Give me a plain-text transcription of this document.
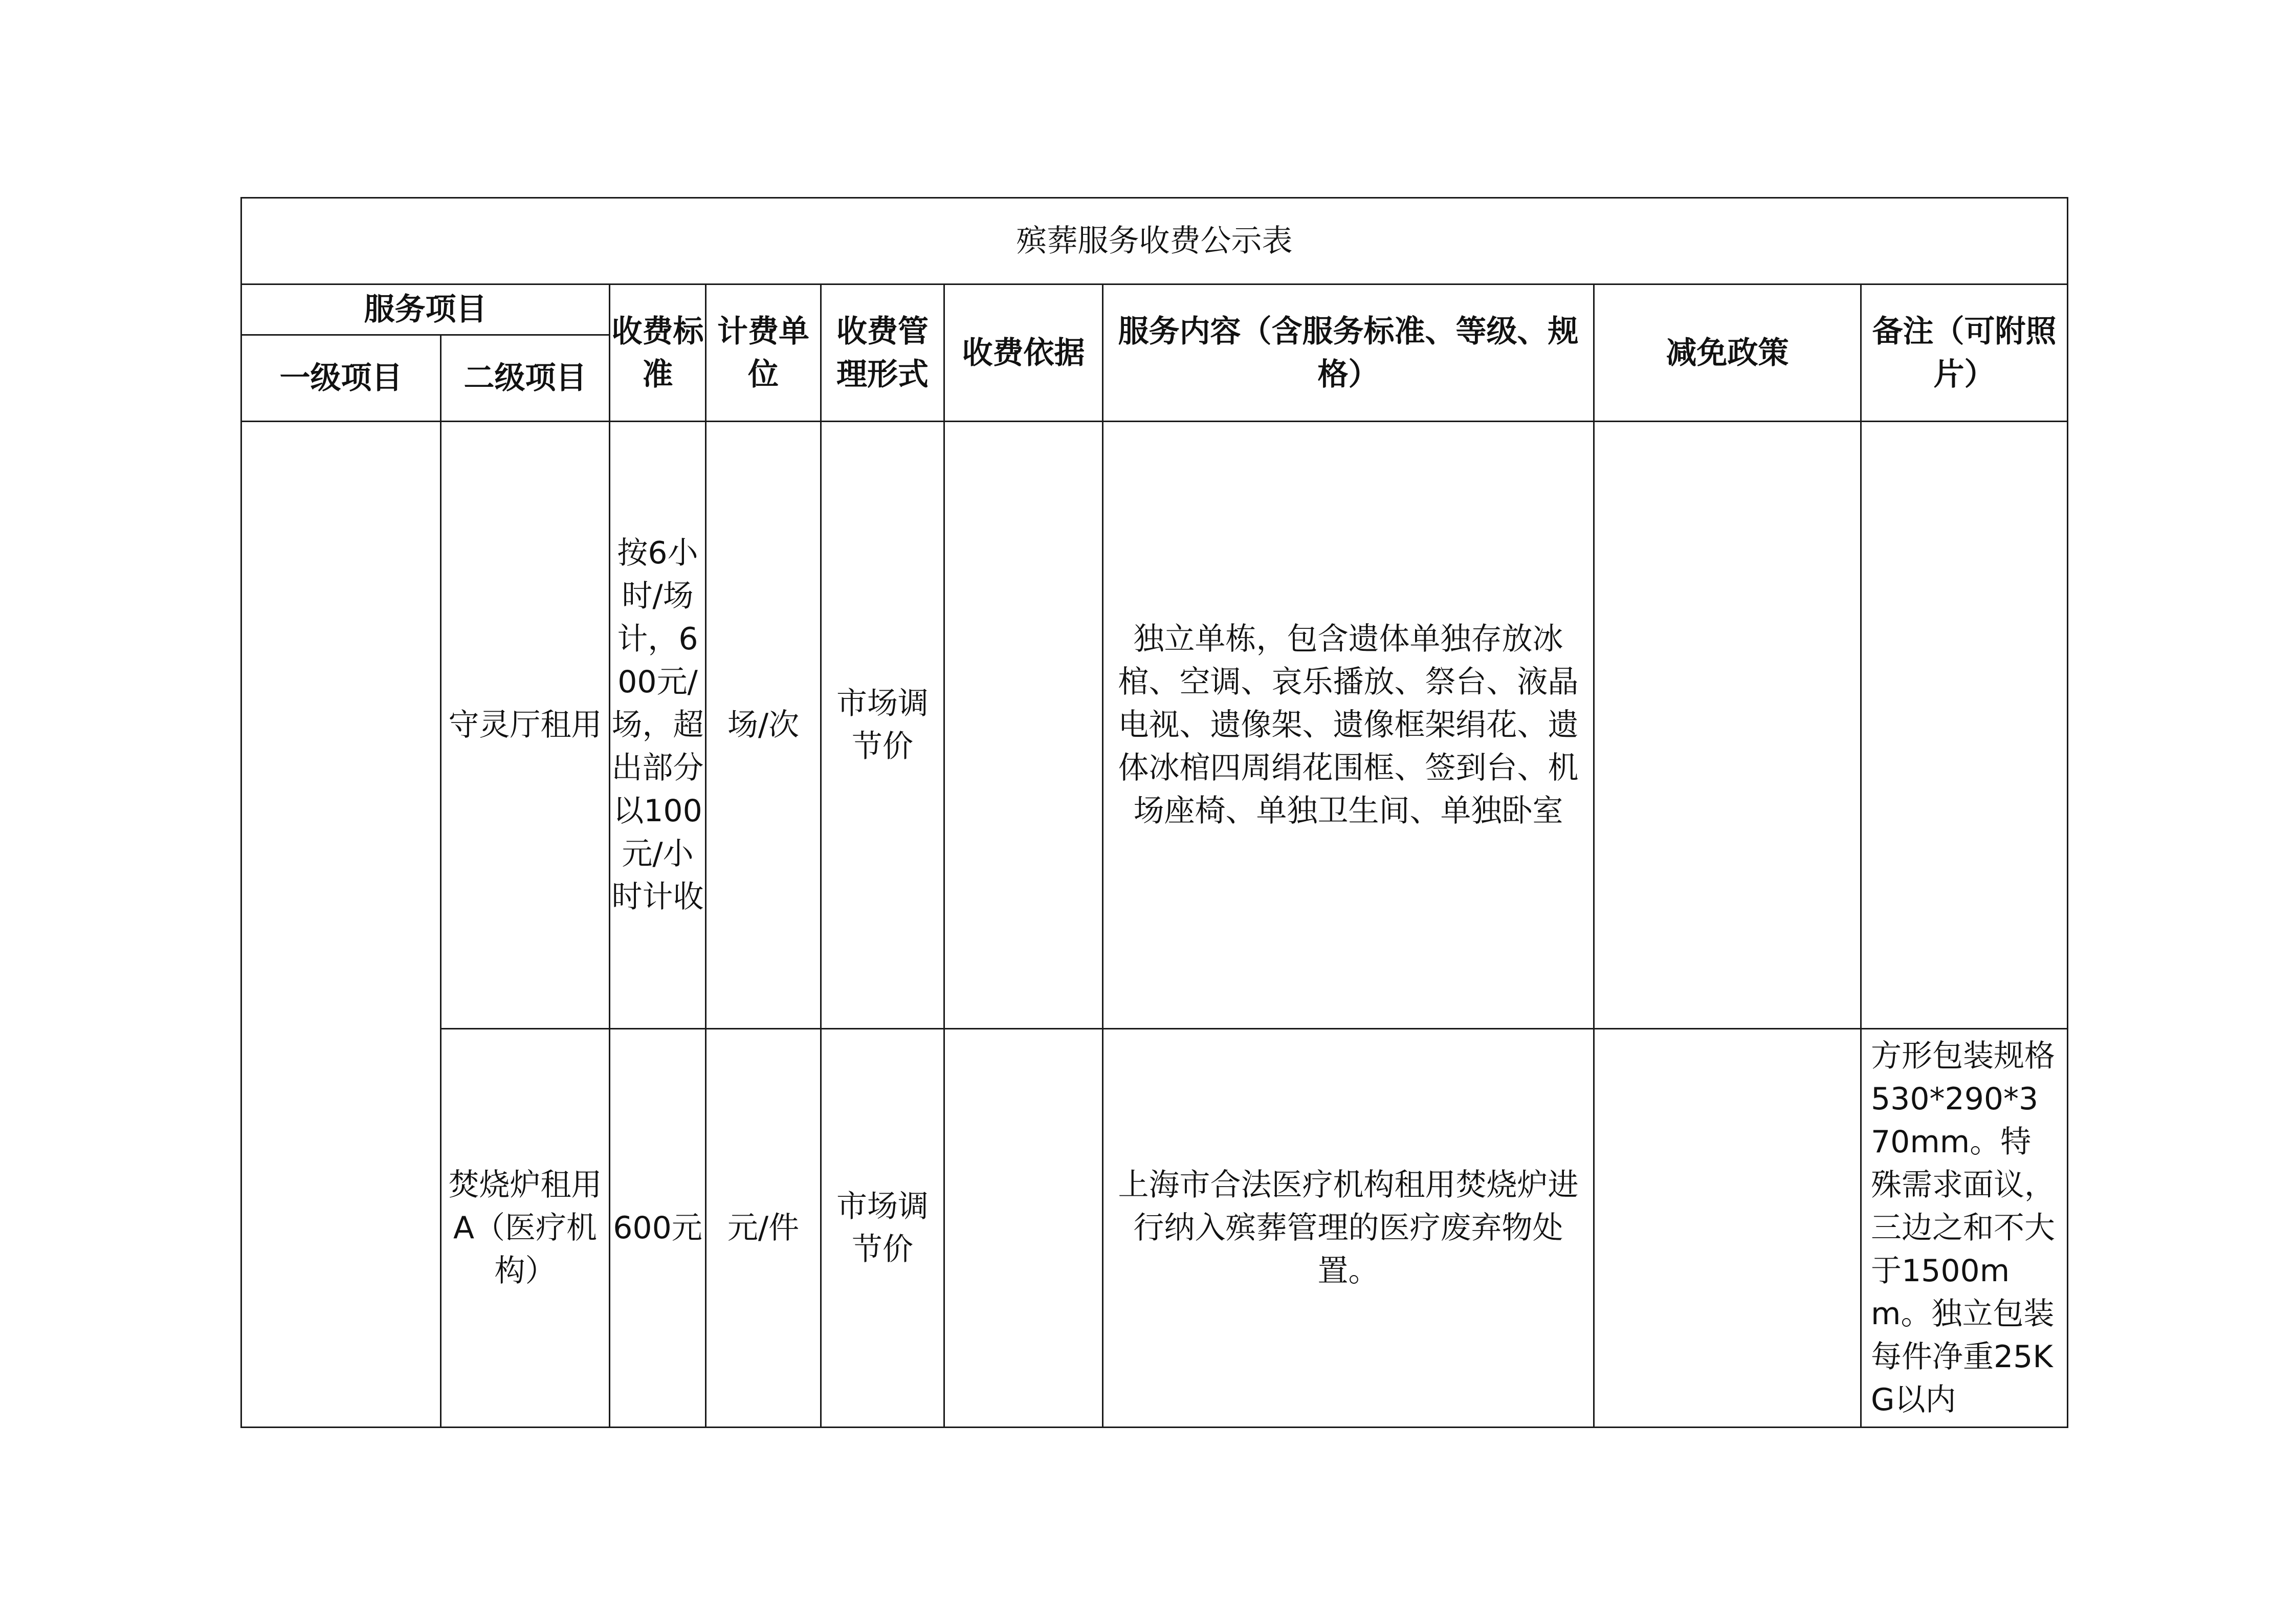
殡葬服务收费公示表								
服务项目		收费标准	计费单位	收费管理形式	收费依据	服务内容（含服务标准、等级、规格）	减免政策	备注（可附照片）
一级项目	二级项目							
	守灵厅租用	按6小时/场计，600元/场，超出部分以100元/小时计收	场/次	市场调节价		独立单栋，包含遗体单独存放冰棺、空调、哀乐播放、祭台、液晶电视、遗像架、遗像框架绢花、遗体冰棺四周绢花围框、签到台、机场座椅、单独卫生间、单独卧室		
	焚烧炉租用A（医疗机构）	600元	元/件	市场调节价		上海市合法医疗机构租用焚烧炉进行纳入殡葬管理的医疗废弃物处置。		方形包装规格530*290*370mm。特殊需求面议，三边之和不大于1500mm。独立包装每件净重25KG以内
